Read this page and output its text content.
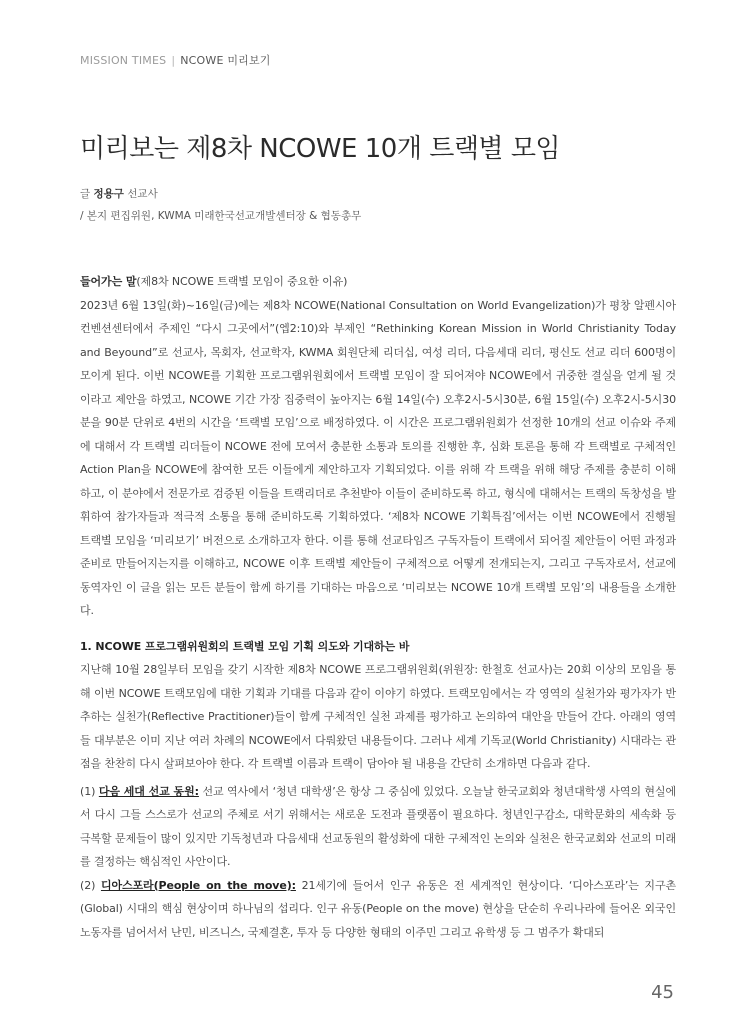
MISSION TIMES | NCOWE 미리보기
미리보는 제8차 NCOWE 10개 트랙별 모임
글 정용구 선교사
/ 본지 편집위원, KWMA 미래한국선교개발센터장 & 협동총무

들어가는 말(제8차 NCOWE 트랙별 모임이 중요한 이유)

2023년 6월 13일(화)~16일(금)에는 제8차 NCOWE(National Consultation on World Evangelization)가 평창 알펜시아 컨벤션센터에서 주제인 “다시 그곳에서”(엡2:10)와 부제인 “Rethinking Korean Mission in World Christianity Today and Beyound”로 선교사, 목회자, 선교학자, KWMA 회원단체 리더십, 여성 리더, 다음세대 리더, 평신도 선교 리더 600명이 모이게 된다. 이번 NCOWE를 기획한 프로그램위원회에서 트랙별 모임이 잘 되어져야 NCOWE에서 귀중한 결실을 얻게 될 것이라고 제안을 하였고, NCOWE 기간 가장 집중력이 높아지는 6월 14일(수) 오후2시-5시30분, 6월 15일(수) 오후2시-5시30분을 90분 단위로 4번의 시간을 ‘트랙별 모임’으로 배정하였다. 이 시간은 프로그램위원회가 선정한 10개의 선교 이슈와 주제에 대해서 각 트랙별 리더들이 NCOWE 전에 모여서 충분한 소통과 토의를 진행한 후, 심화 토론을 통해 각 트랙별로 구체적인 Action Plan을 NCOWE에 참여한 모든 이들에게 제안하고자 기획되었다. 이를 위해 각 트랙을 위해 해당 주제를 충분히 이해하고, 이 분야에서 전문가로 검증된 이들을 트랙리더로 추천받아 이들이 준비하도록 하고, 형식에 대해서는 트랙의 독창성을 발휘하여 참가자들과 적극적 소통을 통해 준비하도록 기획하였다. ‘제8차 NCOWE 기획특집’에서는 이번 NCOWE에서 진행될 트랙별 모임을 ‘미리보기’ 버전으로 소개하고자 한다. 이를 통해 선교타임즈 구독자들이 트랙에서 되어질 제안들이 어떤 과정과 준비로 만들어지는지를 이해하고, NCOWE 이후 트랙별 제안들이 구체적으로 어떻게 전개되는지, 그리고 구독자로서, 선교에 동역자인 이 글을 읽는 모든 분들이 함께 하기를 기대하는 마음으로 ‘미리보는 NCOWE 10개 트랙별 모임’의 내용들을 소개한다.

1. NCOWE 프로그램위원회의 트랙별 모임 기획 의도와 기대하는 바

지난해 10월 28일부터 모임을 갖기 시작한 제8차 NCOWE 프로그램위원회(위원장: 한철호 선교사)는 20회 이상의 모임을 통해 이번 NCOWE 트랙모임에 대한 기획과 기대를 다음과 같이 이야기 하였다. 트랙모임에서는 각 영역의 실천가와 평가자가 반추하는 실천가(Reflective Practitioner)들이 함께 구체적인 실천 과제를 평가하고 논의하여 대안을 만들어 간다. 아래의 영역들 대부분은 이미 지난 여러 차례의 NCOWE에서 다뤄왔던 내용들이다. 그러나 세계 기독교(World Christianity) 시대라는 관점을 찬찬히 다시 살펴보아야 한다. 각 트랙별 이름과 트랙이 담아야 될 내용을 간단히 소개하면 다음과 같다.

(1) 다음 세대 선교 동원: 선교 역사에서 ‘청년 대학생’은 항상 그 중심에 있었다. 오늘날 한국교회와 청년대학생 사역의 현실에서 다시 그들 스스로가 선교의 주체로 서기 위해서는 새로운 도전과 플랫폼이 필요하다. 청년인구감소, 대학문화의 세속화 등 극복할 문제들이 많이 있지만 기독청년과 다음세대 선교동원의 활성화에 대한 구체적인 논의와 실천은 한국교회와 선교의 미래를 결정하는 핵심적인 사안이다.

(2) 디아스포라(People on the move): 21세기에 들어서 인구 유동은 전 세계적인 현상이다. ‘디아스포라’는 지구촌(Global) 시대의 핵심 현상이며 하나님의 섭리다. 인구 유동(People on the move) 현상을 단순히 우리나라에 들어온 외국인 노동자를 넘어서서 난민, 비즈니스, 국제결혼, 투자 등 다양한 형태의 이주민 그리고 유학생 등 그 범주가 확대되

45
